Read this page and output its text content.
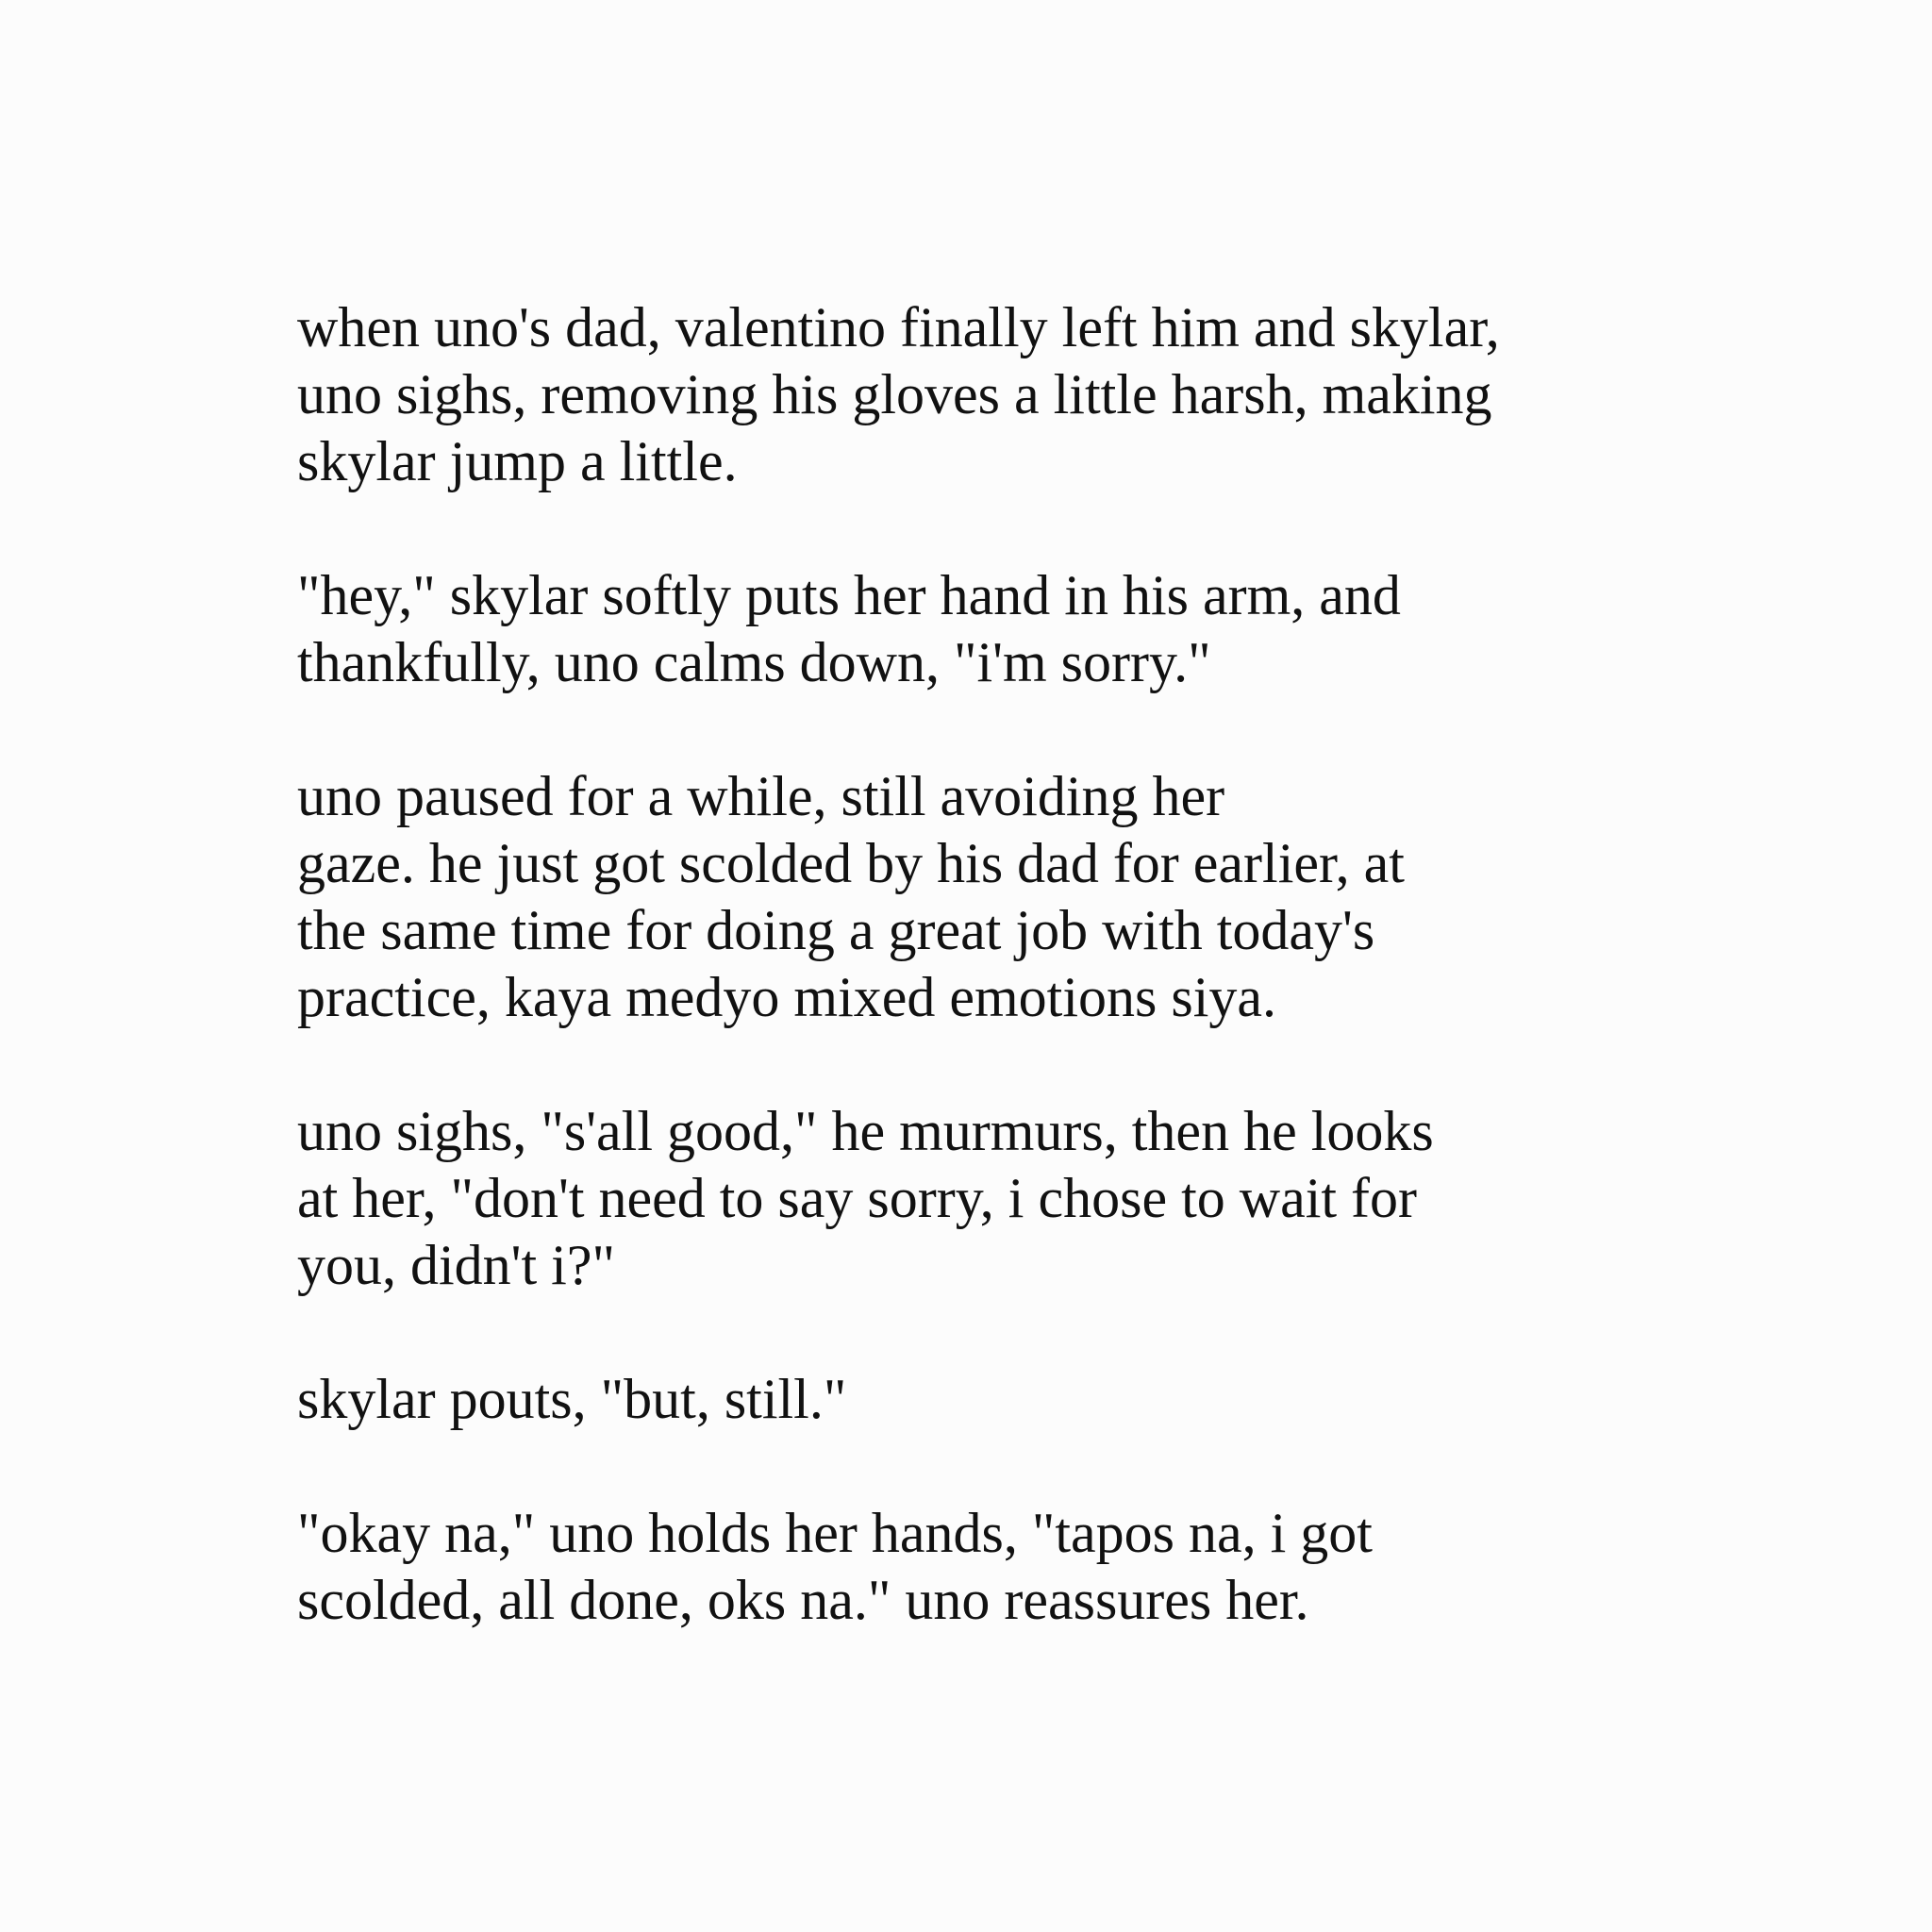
when uno's dad, valentino finally left him and skylar,
uno sighs, removing his gloves a little harsh, making
skylar jump a little.

"hey," skylar softly puts her hand in his arm, and
thankfully, uno calms down, "i'm sorry."

uno paused for a while, still avoiding her
gaze. he just got scolded by his dad for earlier, at
the same time for doing a great job with today's
practice, kaya medyo mixed emotions siya.

uno sighs, "s'all good," he murmurs, then he looks
at her, "don't need to say sorry, i chose to wait for
you, didn't i?"

skylar pouts, "but, still."

"okay na," uno holds her hands, "tapos na, i got
scolded, all done, oks na." uno reassures her.
